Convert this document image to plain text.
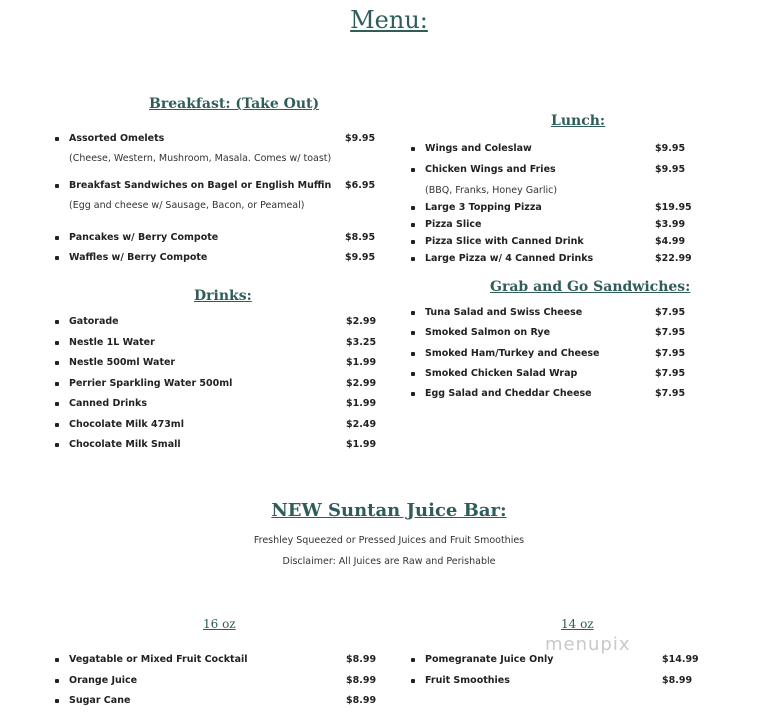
Menu:
Breakfast: (Take Out)
Assorted Omelets	$9.95
(Cheese, Western, Mushroom, Masala. Comes w/ toast)
Breakfast Sandwiches on Bagel or English Muffin $6.95
(Egg and cheese w/ Sausage, Bacon, or Peameal)
Pancakes w/ Berry Compote	$8.95
Waffles w/ Berry Compote	$9.95
Drinks:
Gatorade	$2.99
Nestle 1L Water	$3.25
Nestle 500ml Water	$1.99
Perrier Sparkling Water 500ml	$2.99
Canned Drinks	$1.99
Chocolate Milk 473ml	$2.49
Chocolate Milk Small	$1.99
Lunch:
Wings and Coleslaw	$9.95
Chicken Wings and Fries	$9.95
(BBQ, Franks, Honey Garlic)
Large 3 Topping Pizza	$19.95
Pizza Slice	$3.99
Pizza Slice with Canned Drink	$4.99
Large Pizza w/ 4 Canned Drinks	$22.99
Grab and Go Sandwiches:
Tuna Salad and Swiss Cheese	$7.95
Smoked Salmon on Rye	$7.95
Smoked Ham/Turkey and Cheese	$7.95
Smoked Chicken Salad Wrap	$7.95
Egg Salad and Cheddar Cheese	$7.95
NEW Suntan Juice Bar:
Freshley Squeezed or Pressed Juices and Fruit Smoothies
Disclaimer: All Juices are Raw and Perishable
16 oz
Vegatable or Mixed Fruit Cocktail	$8.99
Orange Juice	$8.99
Sugar Cane	$8.99
14 oz
Pomegranate Juice Only	$14.99
Fruit Smoothies	$8.99
menupix
